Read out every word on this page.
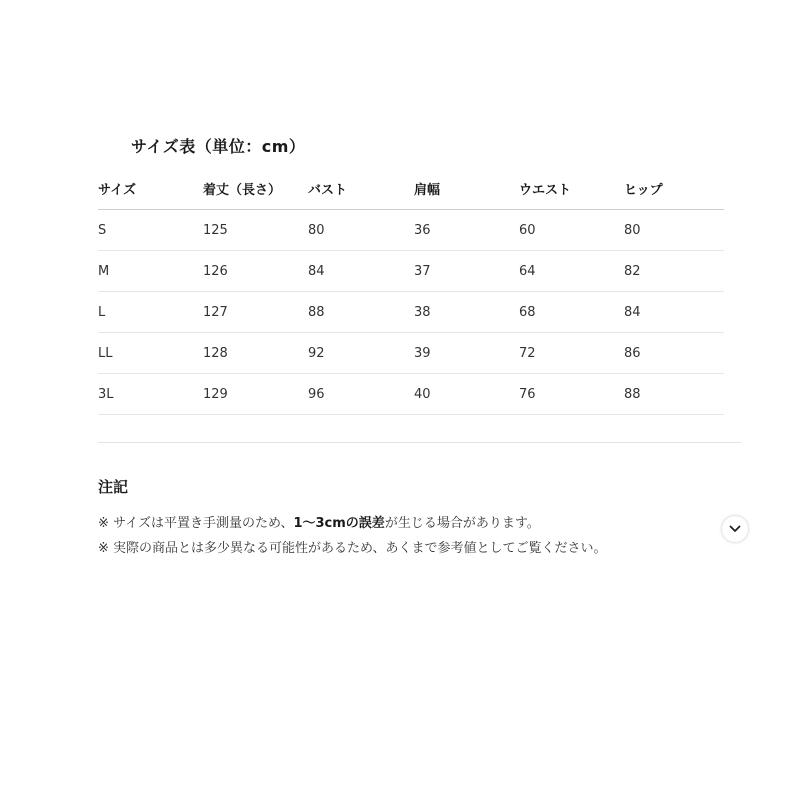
サイズ表（単位：cm）
サイズ	着丈（長さ）	バスト	肩幅	ウエスト	ヒップ
S	125	80	36	60	80
M	126	84	37	64	82
L	127	88	38	68	84
LL	128	92	39	72	86
3L	129	96	40	76	88
注記
※ サイズは平置き手測量のため、1～3cmの誤差が生じる場合があります。
※ 実際の商品とは多少異なる可能性があるため、あくまで参考値としてご覧ください。
